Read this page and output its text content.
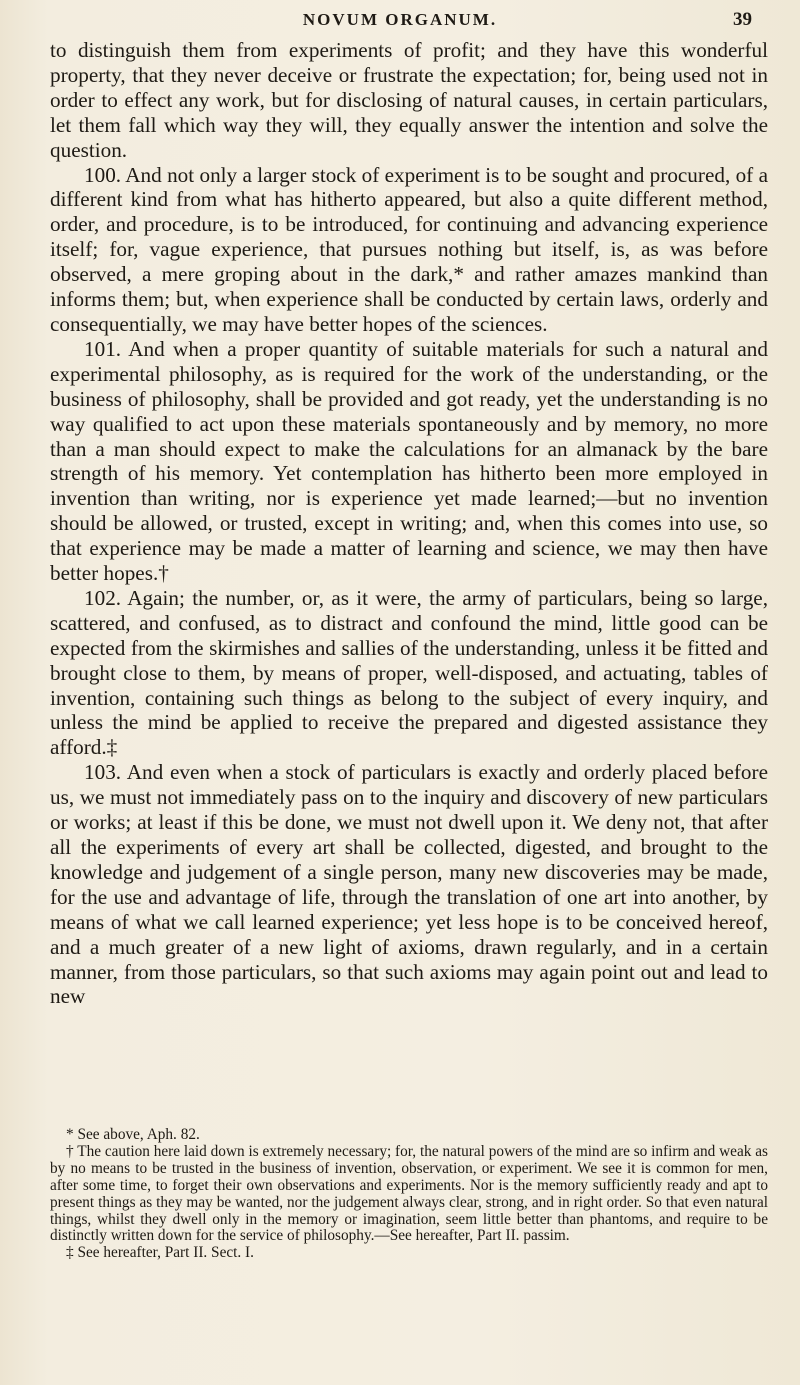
NOVUM ORGANUM.	39

to distinguish them from experiments of profit; and they have this wonderful property, that they never deceive or frustrate the expectation; for, being used not in order to effect any work, but for disclosing of natural causes, in certain particulars, let them fall which way they will, they equally answer the intention and solve the question.

100. And not only a larger stock of experiment is to be sought and procured, of a different kind from what has hitherto appeared, but also a quite different method, order, and procedure, is to be introduced, for continuing and advancing experience itself; for, vague experience, that pursues nothing but itself, is, as was before observed, a mere groping about in the dark,* and rather amazes mankind than informs them; but, when experience shall be conducted by certain laws, orderly and consequentially, we may have better hopes of the sciences.

101. And when a proper quantity of suitable materials for such a natural and experimental philosophy, as is required for the work of the understanding, or the business of philosophy, shall be provided and got ready, yet the understanding is no way qualified to act upon these materials spontaneously and by memory, no more than a man should expect to make the calculations for an almanack by the bare strength of his memory. Yet contemplation has hitherto been more employed in invention than writing, nor is experience yet made learned;—but no invention should be allowed, or trusted, except in writing; and, when this comes into use, so that experience may be made a matter of learning and science, we may then have better hopes.†

102. Again; the number, or, as it were, the army of particulars, being so large, scattered, and confused, as to distract and confound the mind, little good can be expected from the skirmishes and sallies of the understanding, unless it be fitted and brought close to them, by means of proper, well-disposed, and actuating, tables of invention, containing such things as belong to the subject of every inquiry, and unless the mind be applied to receive the prepared and digested assistance they afford.‡

103. And even when a stock of particulars is exactly and orderly placed before us, we must not immediately pass on to the inquiry and discovery of new particulars or works; at least if this be done, we must not dwell upon it. We deny not, that after all the experiments of every art shall be collected, digested, and brought to the knowledge and judgement of a single person, many new discoveries may be made, for the use and advantage of life, through the translation of one art into another, by means of what we call learned experience; yet less hope is to be conceived hereof, and a much greater of a new light of axioms, drawn regularly, and in a certain manner, from those particulars, so that such axioms may again point out and lead to new

* See above, Aph. 82.

† The caution here laid down is extremely necessary; for, the natural powers of the mind are so infirm and weak as by no means to be trusted in the business of invention, observation, or experiment. We see it is common for men, after some time, to forget their own observations and experiments. Nor is the memory sufficiently ready and apt to present things as they may be wanted, nor the judgement always clear, strong, and in right order. So that even natural things, whilst they dwell only in the memory or imagination, seem little better than phantoms, and require to be distinctly written down for the service of philosophy.—See hereafter, Part II. passim.

‡ See hereafter, Part II. Sect. I.
